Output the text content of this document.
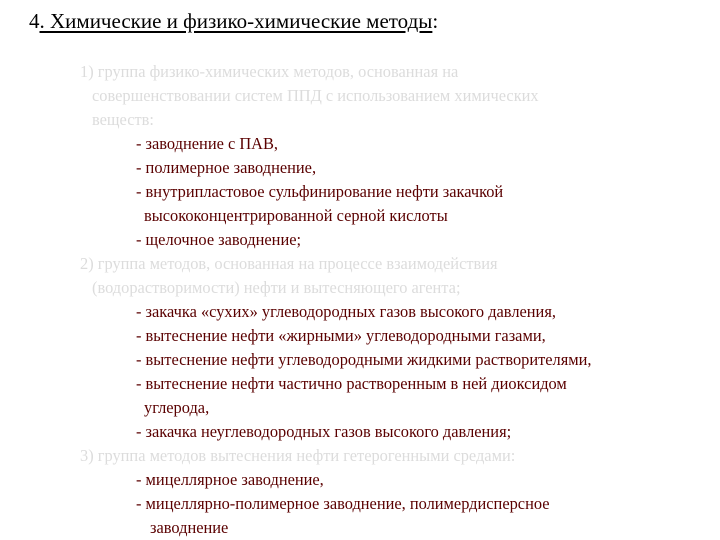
4. Химические и физико-химические методы:
1) группа физико-химических методов, основанная на
совершенствовании систем ППД с использованием химических
веществ:
- заводнение с ПАВ,
- полимерное заводнение,
- внутрипластовое сульфинирование нефти закачкой
высококонцентрированной серной кислоты
- щелочное заводнение;
2) группа методов, основанная на процессе взаимодействия
(водорастворимости) нефти и вытесняющего агента;
- закачка «сухих» углеводородных газов высокого давления,
- вытеснение нефти «жирными» углеводородными газами,
- вытеснение нефти углеводородными жидкими растворителями,
- вытеснение нефти частично растворенным в ней диоксидом
углерода,
- закачка неуглеводородных газов высокого давления;
3) группа методов вытеснения нефти гетерогенными средами:
- мицеллярное заводнение,
- мицеллярно-полимерное заводнение, полимердисперсное
заводнение
